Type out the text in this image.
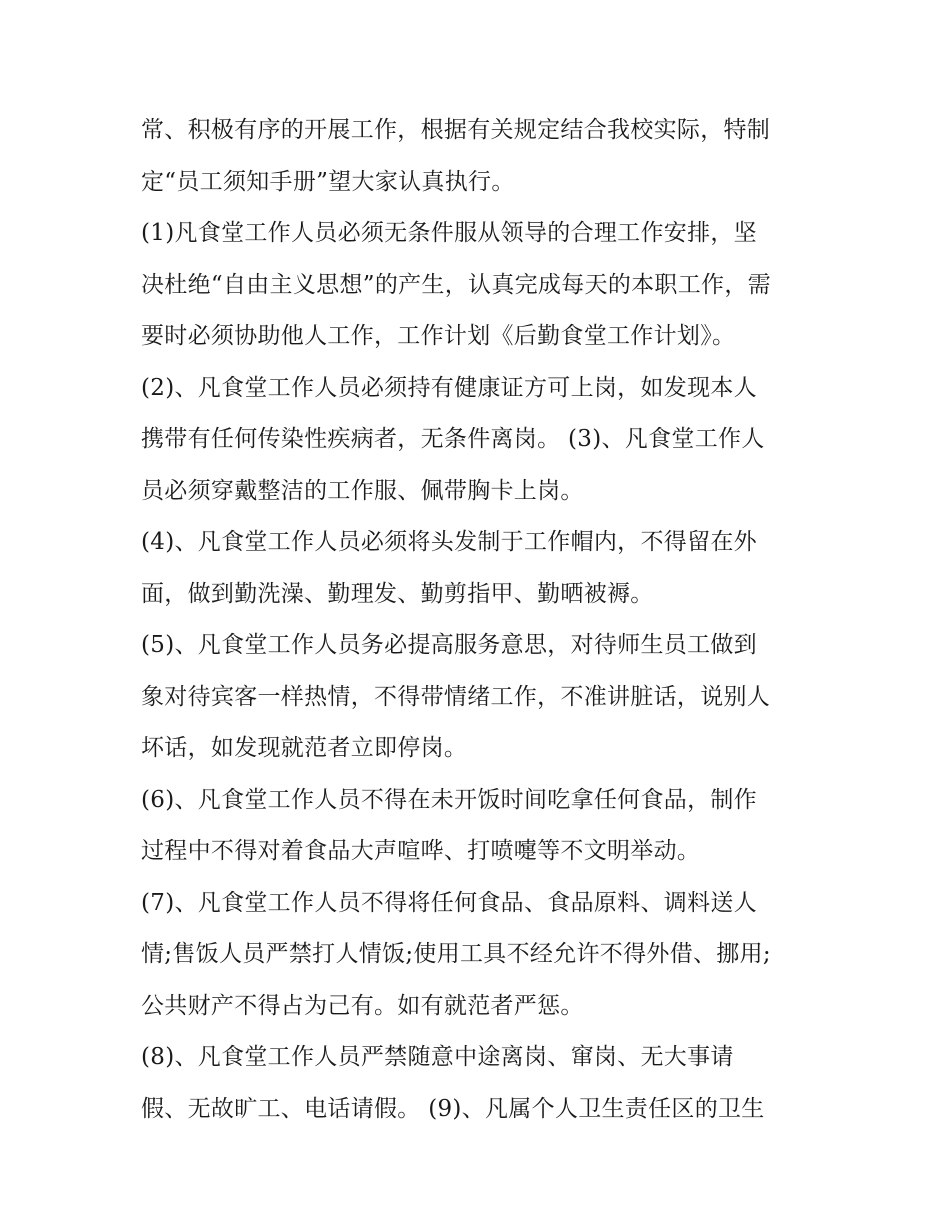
常、积极有序的开展工作，根据有关规定结合我校实际，特制
定“员工须知手册”望大家认真执行。
(1)凡食堂工作人员必须无条件服从领导的合理工作安排，坚
决杜绝“自由主义思想”的产生，认真完成每天的本职工作，需
要时必须协助他人工作，工作计划《后勤食堂工作计划》。
(2)、凡食堂工作人员必须持有健康证方可上岗，如发现本人
携带有任何传染性疾病者，无条件离岗。 (3)、凡食堂工作人
员必须穿戴整洁的工作服、佩带胸卡上岗。
(4)、凡食堂工作人员必须将头发制于工作帽内，不得留在外
面，做到勤洗澡、勤理发、勤剪指甲、勤晒被褥。
(5)、凡食堂工作人员务必提高服务意思，对待师生员工做到
象对待宾客一样热情，不得带情绪工作，不准讲脏话，说别人
坏话，如发现就范者立即停岗。
(6)、凡食堂工作人员不得在未开饭时间吃拿任何食品，制作
过程中不得对着食品大声喧哗、打喷嚏等不文明举动。
(7)、凡食堂工作人员不得将任何食品、食品原料、调料送人
情;售饭人员严禁打人情饭;使用工具不经允许不得外借、挪用;
公共财产不得占为己有。如有就范者严惩。
(8)、凡食堂工作人员严禁随意中途离岗、窜岗、无大事请
假、无故旷工、电话请假。 (9)、凡属个人卫生责任区的卫生
